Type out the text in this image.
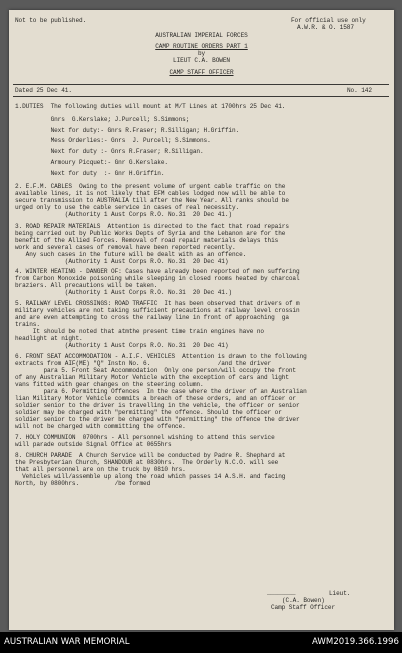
Not to be published.	For official use only
A.W.R. & O. 1587
AUSTRALIAN IMPERIAL FORCES
CAMP ROUTINE ORDERS PART 1
by
LIEUT C.A. BOWEN
CAMP STAFF OFFICER
Dated 25 Dec 41.	No. 142
1.DUTIES  The following duties will mount at M/T Lines at 1700hrs 25 Dec 41.
Gnrs  G.Kerslake; J.Purcell; S.Simmons;
Next for duty:- Gnrs R.Fraser; R.Silligan; H.Griffin.
Mess Orderlies:- Gnrs  J. Purcell; S.Simmons.
Next for duty :- Gnrs R.Fraser; R.Silligan.
Armoury Picquet:- Gnr G.Kerslake.
Next for duty  :- Gnr H.Griffin.
2. E.F.M. CABLES  Owing to the present volume of urgent cable traffic on the
available lines, it is not likely that EFM cables lodged now will be able to
secure transmission to AUSTRALIA till after the New Year. All ranks should be
urged only to use the cable service in cases of real necessity.
(Authority 1 Aust Corps R.O. No.31  20 Dec 41.)
3. ROAD REPAIR MATERIALS  Attention is directed to the fact that road repairs
being carried out by Public Works Depts of Syria and the Lebanon are for the
benefit of the Allied Forces. Removal of road repair materials delays this
work and several cases of removal have been reported recently.
Any such cases in the future will be dealt with as an offence.
(Authority 1 Aust Corps R.O. No.31  20 Dec 41)
4. WINTER HEATING - DANGER OF: Cases have already been reported of men suffering
from Carbon Monoxide poisoning while sleeping in closed rooms heated by charcoal
braziers. All precautions will be taken.
(Authority 1 Aust Corps R.O. No.31  20 Dec 41.)
5. RAILWAY LEVEL CROSSINGS: ROAD TRAFFIC  It has been observed that drivers of m
military vehicles are not taking sufficient precautions at railway level crossin
and are even attempting to cross the railway line in front of approaching  ga
trains.
It should be noted that atmthe present time train engines have no
headlight at night.
(Authority 1 Aust Corps R.O. No.31  20 Dec 41)
6. FRONT SEAT ACCOMMODATION - A.I.F. VEHICLES  Attention is drawn to the following
extracts from AIF(ME) "Q" Instn No. 6.                   /and the driver
para 5. Front Seat Accommodation  Only one person/will occupy the front
of any Australian Military Motor Vehicle with the exception of cars and light
vans fitted with gear changes on the steering column.
para 6. Permitting Offences  In the case where the driver of an Australian
lian Military Motor Vehicle commits a breach of these orders, and an officer or
soldier senior to the driver is travelling in the vehicle, the officer or senior
soldier may be charged with "permitting" the offence. Should the officer or
soldier senior to the driver be charged with "permitting" the offence the driver
will not be charged with committing the offence.
7. HOLY COMMUNION  0700hrs - All personnel wishing to attend this service
will parade outside Signal Office at 0655hrs
8. CHURCH PARADE  A Church Service will be conducted by Padre R. Shephard at
the Presbyterian Church, SHANDOUR at 0830hrs.  The Orderly N.C.O. will see
that all personnel are on the truck by 0810 hrs.
Vehicles will/assemble up along the road which passes 14 A.S.H. and facing
North, by 0800hrs.          /be formed
________	Lieut.
(C.A. Bowen)
Camp Staff Officer
AUSTRALIAN WAR MEMORIAL	AWM2019.366.1996
